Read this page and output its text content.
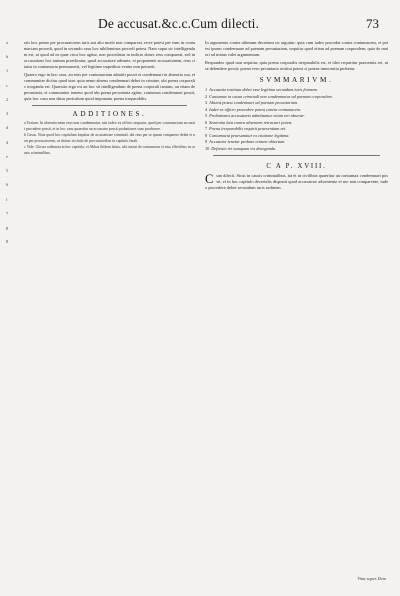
De accusat.&c.c.Cum dilecti.	73
a
b
1
c
2
3
d
4
e
5
6
f
7
g
8

etis hoc primo per procuratorem iuris aut alio modo non compareat, recte potest per eum in contumaciam procedi, quod in secundo casu hoc nihilominus procedi potest. Nam caput sic intelligendum est, ut quod ad ea quae circa hoc agitur, non procedatur in iudicio donec reus compareat, sed in accusatione hoc tantum praedicatur, quod accusatore adeunte, et proponente accusationem, reus citatus in contumacia permanserit, vel legitime impeditus venire non potuerit.

Quaero ergo in hoc casu, an reus per contumaciam admitti possit et condemnari in absentia sua, et communiter dicitur quod non: quia nemo absens condemnari debet in crimine, ubi poena corporalis irroganda est. Quaestio ergo est an hoc sit intelligendum de poena corporali tantum, an etiam de pecuniaria, et communiter tenetur quod ubi poena pecuniaria agitur, contumax condemnari possit, quia hoc casu non datur periculum quod imponatur poena irreparabilis.

ADDITIONES.

a Textum. In absentia enim reus non condemnatur, nisi iudex ex officio sequatur, quod per contumaciam accusati procedere possit, et in hoc casu quaeritur an accusator possit probationes suas producere.

b Casus. Nota quod hoc capitulum loquitur de accusatione criminali, ubi reus per se ipsum comparere debet et non per procuratorem, ut dicitur in titulo de procuratoribus in capitulo finali.

c Vide. Glossa ordinaria in hoc capitulo, et Abbas ibidem latius, ubi tractat de contumacia et eius effectibus in causis criminalibus.

In argumento contra ultimum decretum sic arguitur: quia cum iudex procedat contra contumacem, et potest ipsum condemnare ad poenam pecuniariam, sequitur quod etiam ad poenam corporalem, quia de maiori ad minus valet argumentum.

Respondeo quod non sequitur, quia poena corporalis irreparabilis est, et ideo requiritur praesentia rei, ut se defendere possit; poena vero pecuniaria restitui potest si postea innocentia probetur.

SVMMARIVM.
1 Accusatio instituta debet esse legitima secundum iuris formam.
2 Contumax in causa criminali non condemnatur ad poenam corporalem.
3 Absens potest condemnari ad poenam pecuniariam.
4 Iudex ex officio procedere potest contra contumacem.
5 Probationes accusatoris admittuntur etiam reo absente.
6 Sententia lata contra absentem retractari potest.
7 Poena irreparabilis requirit praesentiam rei.
8 Contumacia praesumitur ex citatione legitima.
9 Accusator tenetur probare crimen obiectum.
10 Defensio rei nunquam est deneganda.
C A P. XVIII.
C um dilecti. Sicut in causis criminalibus, ita et in civilibus quaeritur an contumax condemnari possit, et in hoc capitulo decretalis disponit quod accusatore adveniente et reo non comparente, iudex procedere debet secundum iuris ordinem.
Vitae super. Dein
